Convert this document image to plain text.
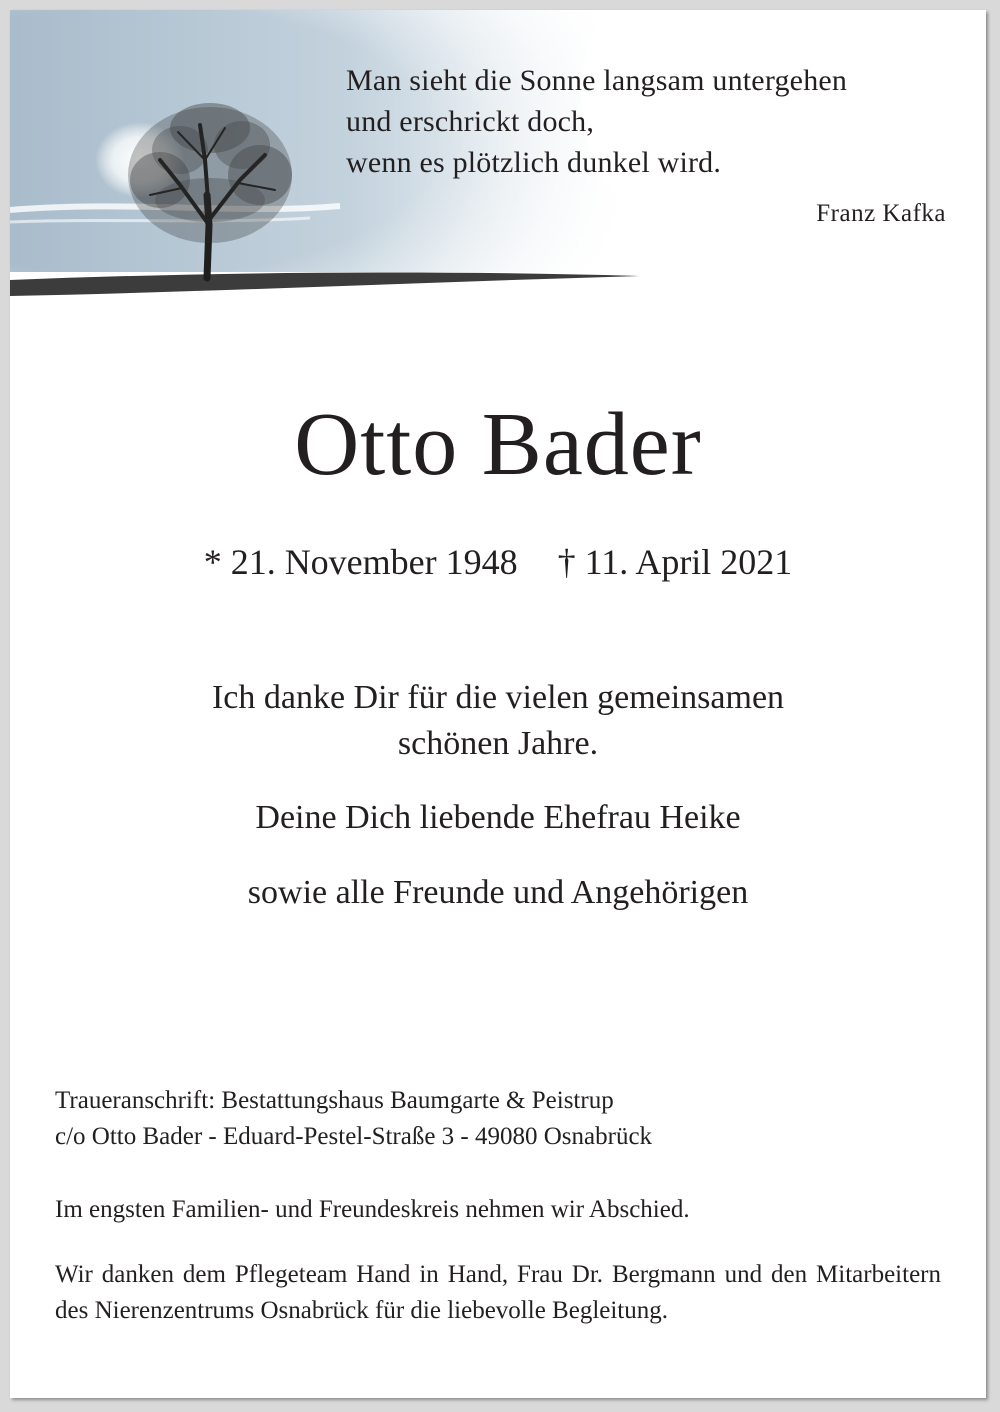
Man sieht die Sonne langsam untergehen
und erschrickt doch,
wenn es plötzlich dunkel wird.
Franz Kafka
Otto Bader
* 21. November 1948 † 11. April 2021
Ich danke Dir für die vielen gemeinsamen
schönen Jahre.
Deine Dich liebende Ehefrau Heike
sowie alle Freunde und Angehörigen
Traueranschrift: Bestattungshaus Baumgarte & Peistrup
c/o Otto Bader - Eduard-Pestel-Straße 3 - 49080 Osnabrück
Im engsten Familien- und Freundeskreis nehmen wir Abschied.
Wir danken dem Pflegeteam Hand in Hand, Frau Dr. Bergmann und den Mitarbeitern des Nierenzentrums Osnabrück für die liebevolle Begleitung.
